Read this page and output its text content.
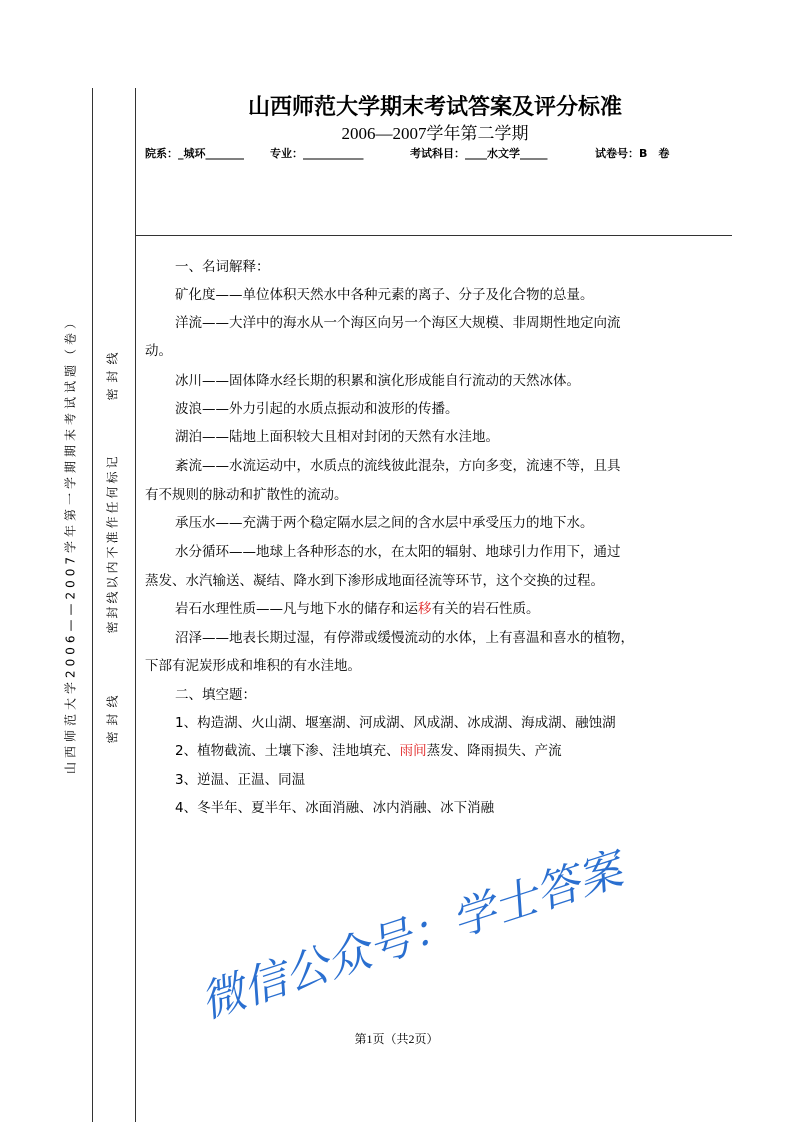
山西师范大学期末考试答案及评分标准
2006—2007学年第二学期
院系：_城环_______ 专业：___________	考试科目：____水文学_____	试卷号：B　卷
山西师范大学2006——2007学年第一学期期末考试试题（卷） 密封线
密封线以内不准作任何标记
密封线
一、名词解释：
矿化度——单位体积天然水中各种元素的离子、分子及化合物的总量。
洋流——大洋中的海水从一个海区向另一个海区大规模、非周期性地定向流
动。
冰川——固体降水经长期的积累和演化形成能自行流动的天然冰体。
波浪——外力引起的水质点振动和波形的传播。
湖泊——陆地上面积较大且相对封闭的天然有水洼地。
紊流——水流运动中，水质点的流线彼此混杂，方向多变，流速不等，且具
有不规则的脉动和扩散性的流动。
承压水——充满于两个稳定隔水层之间的含水层中承受压力的地下水。
水分循环——地球上各种形态的水，在太阳的辐射、地球引力作用下，通过
蒸发、水汽输送、凝结、降水到下渗形成地面径流等环节，这个交换的过程。
岩石水理性质——凡与地下水的储存和运移有关的岩石性质。
沼泽——地表长期过湿，有停滞或缓慢流动的水体，上有喜温和喜水的植物，
下部有泥炭形成和堆积的有水洼地。
二、填空题：
1、构造湖、火山湖、堰塞湖、河成湖、风成湖、冰成湖、海成湖、融蚀湖
2、植物截流、土壤下渗、洼地填充、雨间蒸发、降雨损失、产流
3、逆温、正温、同温
4、冬半年、夏半年、冰面消融、冰内消融、冰下消融
微信公众号：学士答案
第1页（共2页）
